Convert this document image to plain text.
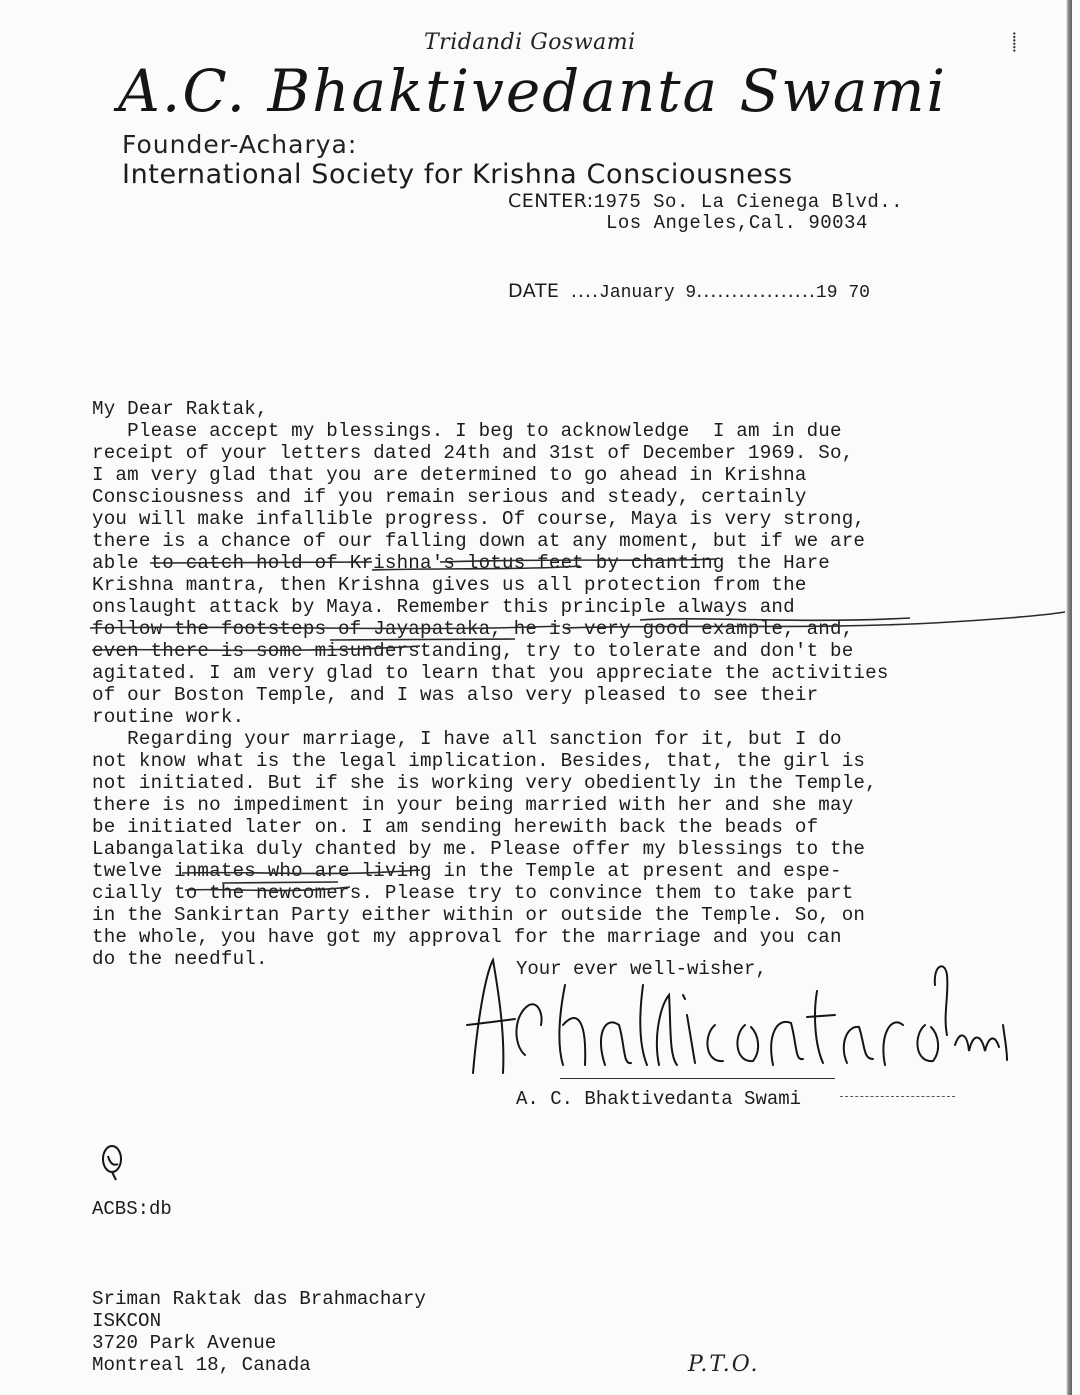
⸽
Tridandi Goswami
A.C. Bhaktivedanta Swami
Founder-Acharya:
International Society for Krishna Consciousness
CENTER:1975 So. La Cienega Blvd..
Los Angeles,Cal. 90034
DATE ....January 9.................19 70
My Dear Raktak,
Please accept my blessings. I beg to acknowledge  I am in due
receipt of your letters dated 24th and 31st of December 1969. So,
I am very glad that you are determined to go ahead in Krishna
Consciousness and if you remain serious and steady, certainly
you will make infallible progress. Of course, Maya is very strong,
there is a chance of our falling down at any moment, but if we are
able to catch hold of Krishna's lotus feet by chanting the Hare
Krishna mantra, then Krishna gives us all protection from the
onslaught attack by Maya. Remember this principle always and
follow the footsteps of Jayapataka, he is very good example, and,
even there is some misunderstanding, try to tolerate and don't be
agitated. I am very glad to learn that you appreciate the activities
of our Boston Temple, and I was also very pleased to see their
routine work.
Regarding your marriage, I have all sanction for it, but I do
not know what is the legal implication. Besides, that, the girl is
not initiated. But if she is working very obediently in the Temple,
there is no impediment in your being married with her and she may
be initiated later on. I am sending herewith back the beads of
Labangalatika duly chanted by me. Please offer my blessings to the
twelve inmates who are living in the Temple at present and espe-
cially to the newcomers. Please try to convince them to take part
in the Sankirtan Party either within or outside the Temple. So, on
the whole, you have got my approval for the marriage and you can
do the needful.	Your ever well-wisher,
A. C. Bhaktivedanta Swami
ACBS:db
Sriman Raktak das Brahmachary
ISKCON
3720 Park Avenue
Montreal 18, Canada	P.T.O.
